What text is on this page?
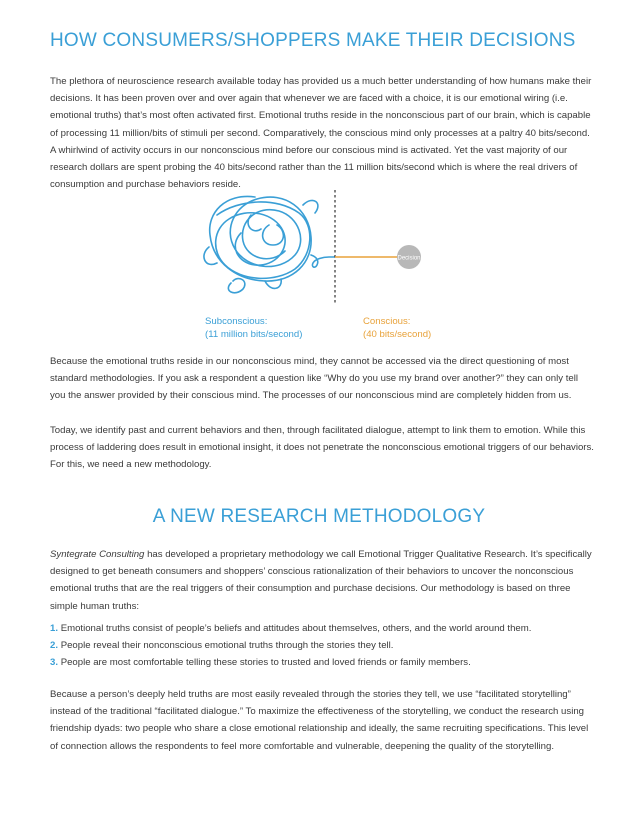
HOW CONSUMERS/SHOPPERS MAKE THEIR DECISIONS

The plethora of neuroscience research available today has provided us a much better understanding of how humans make their decisions. It has been proven over and over again that whenever we are faced with a choice, it is our emotional wiring (i.e. emotional truths) that’s most often activated first. Emotional truths reside in the nonconscious part of our brain, which is capable of processing 11 million/bits of stimuli per second. Comparatively, the conscious mind only processes at a paltry 40 bits/second. A whirlwind of activity occurs in our nonconscious mind before our conscious mind is activated. Yet the vast majority of our research dollars are spent probing the 40 bits/second rather than the 11 million bits/second which is where the real drivers of consumption and purchase behaviors reside.

Decision
Subconscious:
(11 million bits/second)
Conscious:
(40 bits/second)

Because the emotional truths reside in our nonconscious mind, they cannot be accessed via the direct questioning of most standard methodologies. If you ask a respondent a question like “Why do you use my brand over another?” they can only tell you the answer provided by their conscious mind. The processes of our nonconscious mind are completely hidden from us.

Today, we identify past and current behaviors and then, through facilitated dialogue, attempt to link them to emotion. While this process of laddering does result in emotional insight, it does not penetrate the nonconscious emotional triggers of our behaviors. For this, we need a new methodology.

A NEW RESEARCH METHODOLOGY

Syntegrate Consulting has developed a proprietary methodology we call Emotional Trigger Qualitative Research. It’s specifically designed to get beneath consumers and shoppers’ conscious rationalization of their behaviors to uncover the nonconscious emotional truths that are the real triggers of their consumption and purchase decisions. Our methodology is based on three simple human truths:

1. Emotional truths consist of people’s beliefs and attitudes about themselves, others, and the world around them.
2. People reveal their nonconscious emotional truths through the stories they tell.
3. People are most comfortable telling these stories to trusted and loved friends or family members.

Because a person’s deeply held truths are most easily revealed through the stories they tell, we use “facilitated storytelling” instead of the traditional “facilitated dialogue.” To maximize the effectiveness of the storytelling, we conduct the research using friendship dyads: two people who share a close emotional relationship and ideally, the same recruiting specifications. This level of connection allows the respondents to feel more comfortable and vulnerable, deepening the quality of the storytelling.
